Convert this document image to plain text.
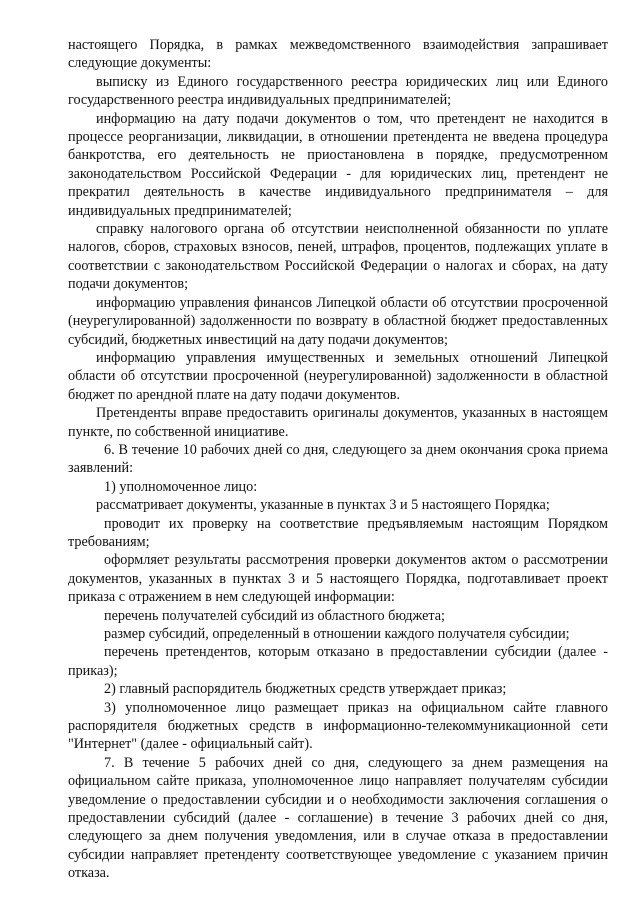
настоящего Порядка, в рамках межведомственного взаимодействия запрашивает следующие документы:

выписку из Единого государственного реестра юридических лиц или Единого государственного реестра индивидуальных предпринимателей;

информацию на дату подачи документов о том, что претендент не находится в процессе реорганизации, ликвидации, в отношении претендента не введена процедура банкротства, его деятельность не приостановлена в порядке, предусмотренном законодательством Российской Федерации - для юридических лиц, претендент не прекратил деятельность в качестве индивидуального предпринимателя – для индивидуальных предпринимателей;

справку налогового органа об отсутствии неисполненной обязанности по уплате налогов, сборов, страховых взносов, пеней, штрафов, процентов, подлежащих уплате в соответствии с законодательством Российской Федерации о налогах и сборах, на дату подачи документов;

информацию управления финансов Липецкой области об отсутствии просроченной (неурегулированной) задолженности по возврату в областной бюджет предоставленных субсидий, бюджетных инвестиций на дату подачи документов;

информацию управления имущественных и земельных отношений Липецкой области об отсутствии просроченной (неурегулированной) задолженности в областной бюджет по арендной плате на дату подачи документов.

Претенденты вправе предоставить оригиналы документов, указанных в настоящем пункте, по собственной инициативе.

6. В течение 10 рабочих дней со дня, следующего за днем окончания срока приема заявлений:

1) уполномоченное лицо:

рассматривает документы, указанные в пунктах 3 и 5 настоящего Порядка;

проводит их проверку на соответствие предъявляемым настоящим Порядком требованиям;

оформляет результаты рассмотрения проверки документов актом о рассмотрении документов, указанных в пунктах 3 и 5 настоящего Порядка, подготавливает проект приказа с отражением в нем следующей информации:

перечень получателей субсидий из областного бюджета;

размер субсидий, определенный в отношении каждого получателя субсидии;

перечень претендентов, которым отказано в предоставлении субсидии (далее - приказ);

2) главный распорядитель бюджетных средств утверждает приказ;

3) уполномоченное лицо размещает приказ на официальном сайте главного распорядителя бюджетных средств в информационно-телекоммуникационной сети "Интернет" (далее - официальный сайт).

7. В течение 5 рабочих дней со дня, следующего за днем размещения на официальном сайте приказа, уполномоченное лицо направляет получателям субсидии уведомление о предоставлении субсидии и о необходимости заключения соглашения о предоставлении субсидий (далее - соглашение) в течение 3 рабочих дней со дня, следующего за днем получения уведомления, или в случае отказа в предоставлении субсидии направляет претенденту соответствующее уведомление с указанием причин отказа.
